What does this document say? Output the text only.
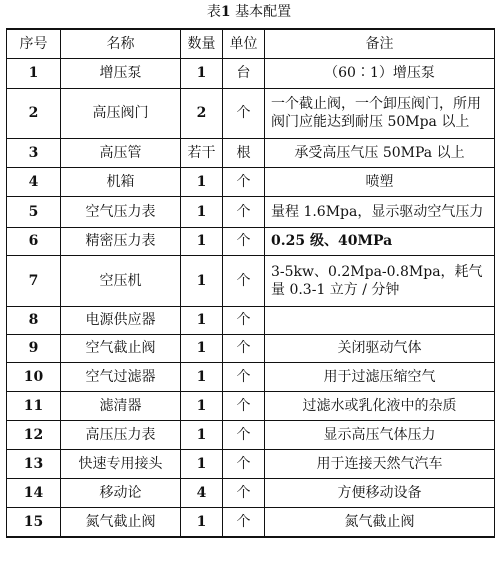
表1 基本配置
序号	名称	数量	单位	备注
1	增压泵	1	台	（60∶1）增压泵
2	高压阀门	2	个	一个截止阀，一个卸压阀门，所用阀门应能达到耐压 50Mpa 以上
3	高压管	若干	根	承受高压气压 50MPa 以上
4	机箱	1	个	喷塑
5	空气压力表	1	个	量程 1.6Mpa，显示驱动空气压力
6	精密压力表	1	个	0.25 级、40MPa
7	空压机	1	个	3-5kw、0.2Mpa-0.8Mpa，耗气量 0.3-1 立方 / 分钟
8	电源供应器	1	个	
9	空气截止阀	1	个	关闭驱动气体
10	空气过滤器	1	个	用于过滤压缩空气
11	滤清器	1	个	过滤水或乳化液中的杂质
12	高压压力表	1	个	显示高压气体压力
13	快速专用接头	1	个	用于连接天然气汽车
14	移动论	4	个	方便移动设备
15	氮气截止阀	1	个	氮气截止阀
